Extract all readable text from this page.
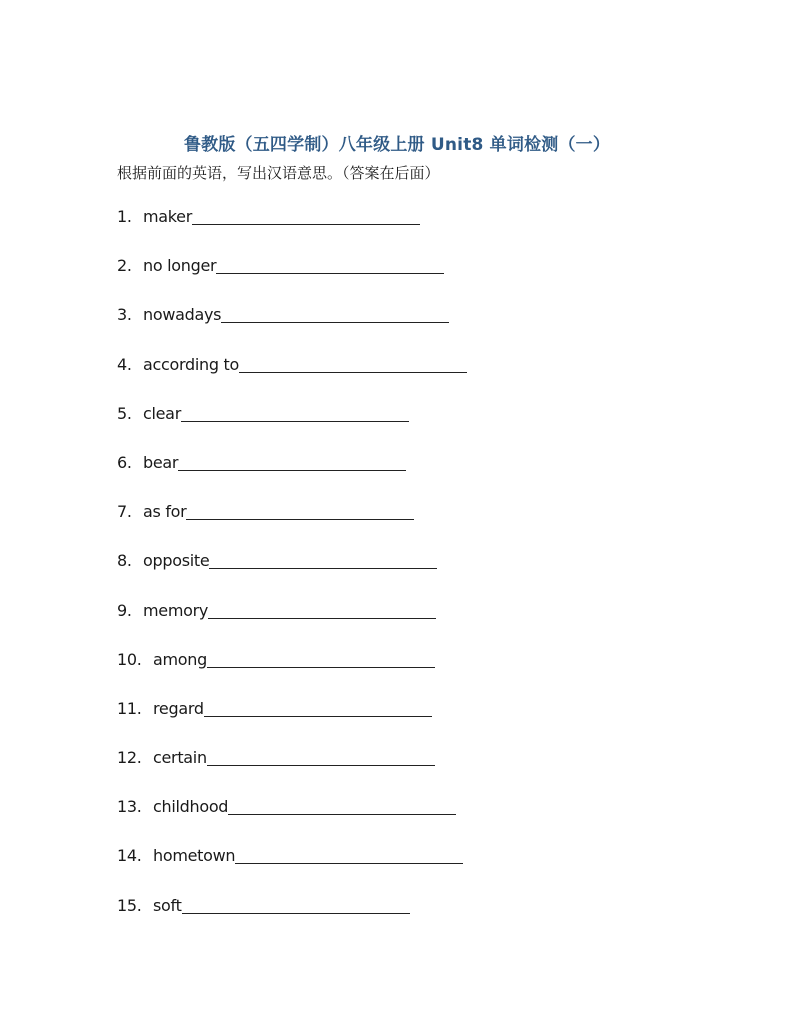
鲁教版（五四学制）八年级上册 Unit8 单词检测（一）
根据前面的英语，写出汉语意思。（答案在后面）
1. maker
2. no longer
3. nowadays
4. according to
5. clear
6. bear
7. as for
8. opposite
9. memory
10. among
11. regard
12. certain
13. childhood
14. hometown
15. soft
